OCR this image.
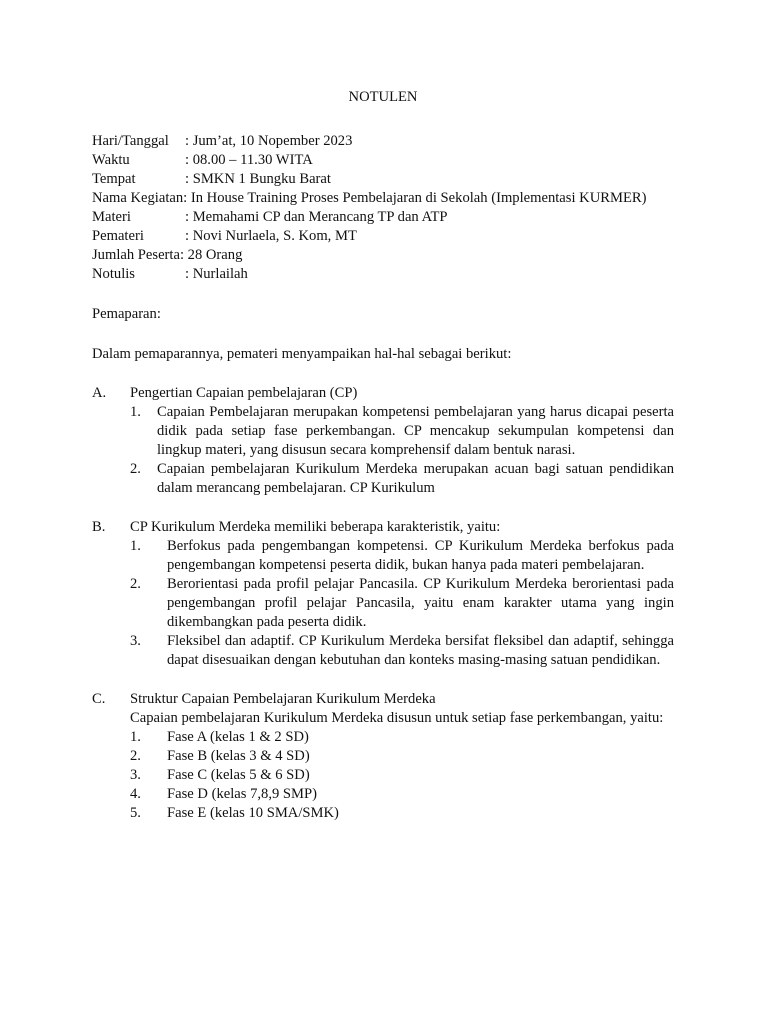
NOTULEN
Hari/Tanggal	: Jum’at, 10 Nopember 2023
Waktu	: 08.00 – 11.30 WITA
Tempat	: SMKN 1 Bungku Barat
Nama Kegiatan: In House Training Proses Pembelajaran di Sekolah (Implementasi KURMER)
Materi	: Memahami CP dan Merancang TP dan ATP
Pemateri	: Novi Nurlaela, S. Kom, MT
Jumlah Peserta: 28 Orang
Notulis	: Nurlailah

Pemaparan:

Dalam pemaparannya, pemateri menyampaikan hal-hal sebagai berikut:

A.	Pengertian Capaian pembelajaran (CP)
1.	Capaian Pembelajaran merupakan kompetensi pembelajaran yang harus dicapai peserta didik pada setiap fase perkembangan. CP mencakup sekumpulan kompetensi dan lingkup materi, yang disusun secara komprehensif dalam bentuk narasi.
2.	Capaian pembelajaran Kurikulum Merdeka merupakan acuan bagi satuan pendidikan dalam merancang pembelajaran. CP Kurikulum
B.	CP Kurikulum Merdeka memiliki beberapa karakteristik, yaitu:
1.	Berfokus pada pengembangan kompetensi. CP Kurikulum Merdeka berfokus pada pengembangan kompetensi peserta didik, bukan hanya pada materi pembelajaran.
2.	Berorientasi pada profil pelajar Pancasila. CP Kurikulum Merdeka berorientasi pada pengembangan profil pelajar Pancasila, yaitu enam karakter utama yang ingin dikembangkan pada peserta didik.
3.	Fleksibel dan adaptif. CP Kurikulum Merdeka bersifat fleksibel dan adaptif, sehingga dapat disesuaikan dengan kebutuhan dan konteks masing-masing satuan pendidikan.
C.	Struktur Capaian Pembelajaran Kurikulum Merdeka
Capaian pembelajaran Kurikulum Merdeka disusun untuk setiap fase perkembangan, yaitu:
1.	Fase A (kelas 1 & 2 SD)
2.	Fase B (kelas 3 & 4 SD)
3.	Fase C (kelas 5 & 6 SD)
4.	Fase D (kelas 7,8,9 SMP)
5.	Fase E (kelas 10 SMA/SMK)
